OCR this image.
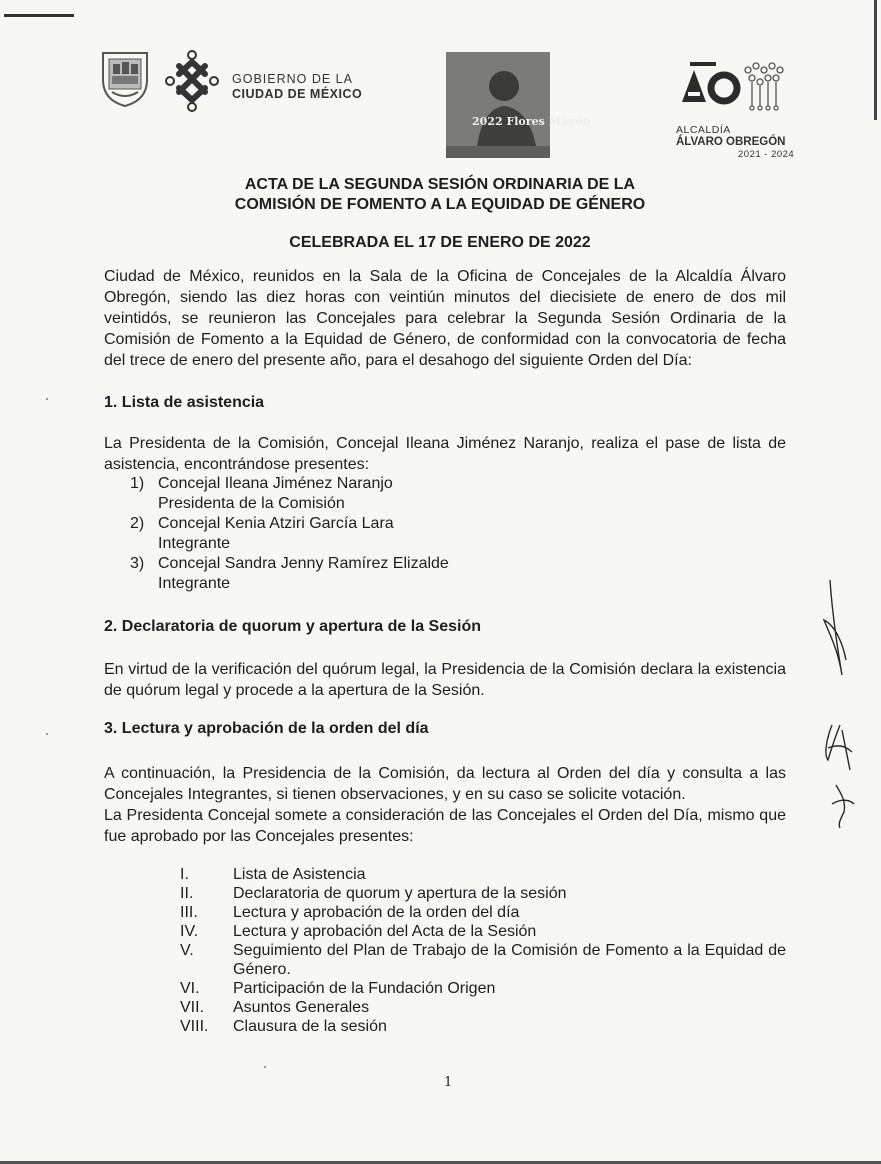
GOBIERNO DE LA
CIUDAD DE MÉXICO
2022 Flores Magón
ALCALDÍA
ÁLVARO OBREGÓN
2021 - 2024
ACTA DE LA SEGUNDA SESIÓN ORDINARIA DE LA
COMISIÓN DE FOMENTO A LA EQUIDAD DE GÉNERO
CELEBRADA EL 17 DE ENERO DE 2022
Ciudad de México, reunidos en la Sala de la Oficina de Concejales de la Alcaldía Álvaro Obregón, siendo las diez horas con veintiún minutos del diecisiete de enero de dos mil veintidós, se reunieron las Concejales para celebrar la Segunda Sesión Ordinaria de la Comisión de Fomento a la Equidad de Género, de conformidad con la convocatoria de fecha del trece de enero del presente año, para el desahogo del siguiente Orden del Día:
1. Lista de asistencia
La Presidenta de la Comisión, Concejal Ileana Jiménez Naranjo, realiza el pase de lista de asistencia, encontrándose presentes:
1) Concejal Ileana Jiménez Naranjo
Presidenta de la Comisión
2) Concejal Kenia Atziri García Lara
Integrante
3) Concejal Sandra Jenny Ramírez Elizalde
Integrante
2. Declaratoria de quorum y apertura de la Sesión
En virtud de la verificación del quórum legal, la Presidencia de la Comisión declara la existencia de quórum legal y procede a la apertura de la Sesión.
3. Lectura y aprobación de la orden del día
A continuación, la Presidencia de la Comisión, da lectura al Orden del día y consulta a las Concejales Integrantes, si tienen observaciones, y en su caso se solicite votación.
La Presidenta Concejal somete a consideración de las Concejales el Orden del Día, mismo que fue aprobado por las Concejales presentes:
I.	Lista de Asistencia
II. Declaratoria de quorum y apertura de la sesión
III. Lectura y aprobación de la orden del día
IV. Lectura y aprobación del Acta de la Sesión
V. Seguimiento del Plan de Trabajo de la Comisión de Fomento a la Equidad de Género.
VI. Participación de la Fundación Origen
VII. Asuntos Generales
VIII. Clausura de la sesión
1
